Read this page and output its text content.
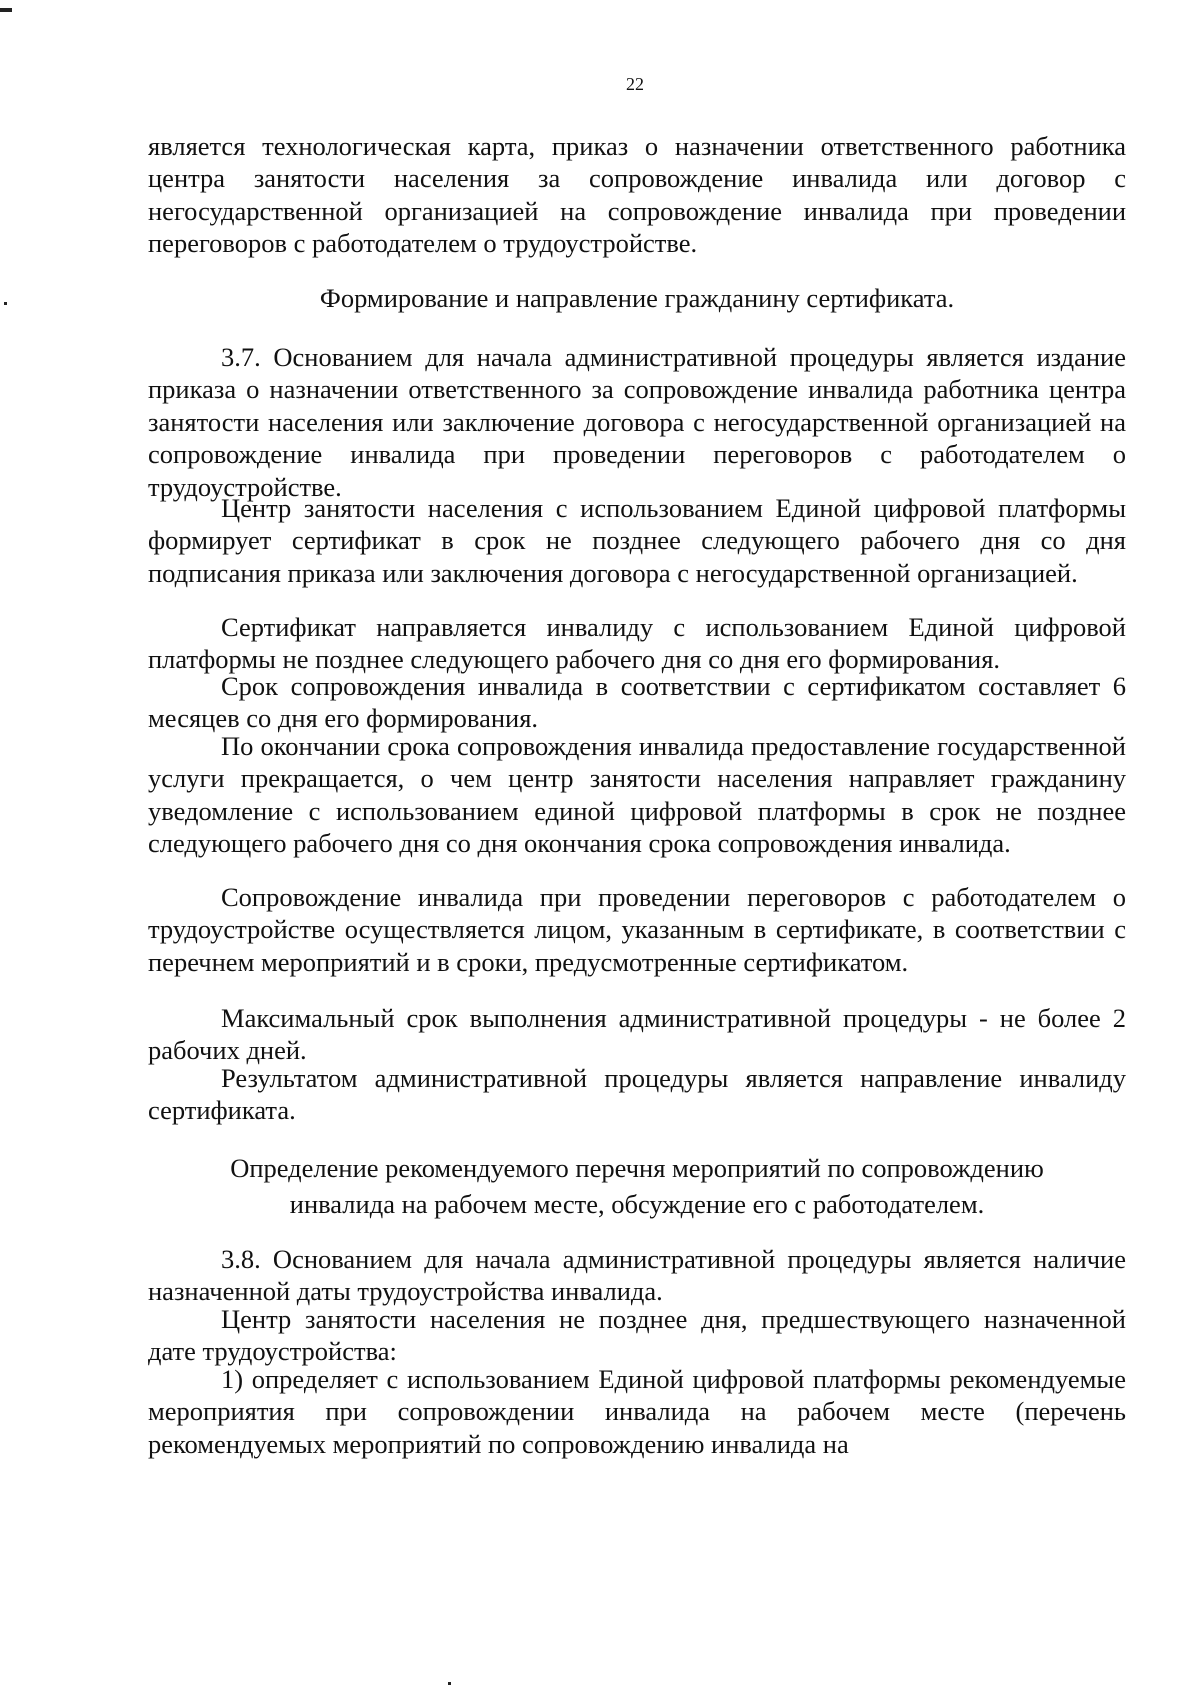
22

является технологическая карта, приказ о назначении ответственного работника центра занятости населения за сопровождение инвалида или договор с негосударственной организацией на сопровождение инвалида при проведении переговоров с работодателем о трудоустройстве.

Формирование и направление гражданину сертификата.

3.7. Основанием для начала административной процедуры является издание приказа о назначении ответственного за сопровождение инвалида работника центра занятости населения или заключение договора с негосударственной организацией на сопровождение инвалида при проведении переговоров с работодателем о трудоустройстве.

Центр занятости населения с использованием Единой цифровой платформы формирует сертификат в срок не позднее следующего рабочего дня со дня подписания приказа или заключения договора с негосударственной организацией.

Сертификат направляется инвалиду с использованием Единой цифровой платформы не позднее следующего рабочего дня со дня его формирования.

Срок сопровождения инвалида в соответствии с сертификатом составляет 6 месяцев со дня его формирования.

По окончании срока сопровождения инвалида предоставление государственной услуги прекращается, о чем центр занятости населения направляет гражданину уведомление с использованием единой цифровой платформы в срок не позднее следующего рабочего дня со дня окончания срока сопровождения инвалида.

Сопровождение инвалида при проведении переговоров с работодателем о трудоустройстве осуществляется лицом, указанным в сертификате, в соответствии с перечнем мероприятий и в сроки, предусмотренные сертификатом.

Максимальный срок выполнения административной процедуры - не более 2 рабочих дней.

Результатом административной процедуры является направление инвалиду сертификата.

Определение рекомендуемого перечня мероприятий по сопровождению
инвалида на рабочем месте, обсуждение его с работодателем.

3.8. Основанием для начала административной процедуры является наличие назначенной даты трудоустройства инвалида.

Центр занятости населения не позднее дня, предшествующего назначенной дате трудоустройства:

1) определяет с использованием Единой цифровой платформы рекомендуемые мероприятия при сопровождении инвалида на рабочем месте (перечень рекомендуемых мероприятий по сопровождению инвалида на
